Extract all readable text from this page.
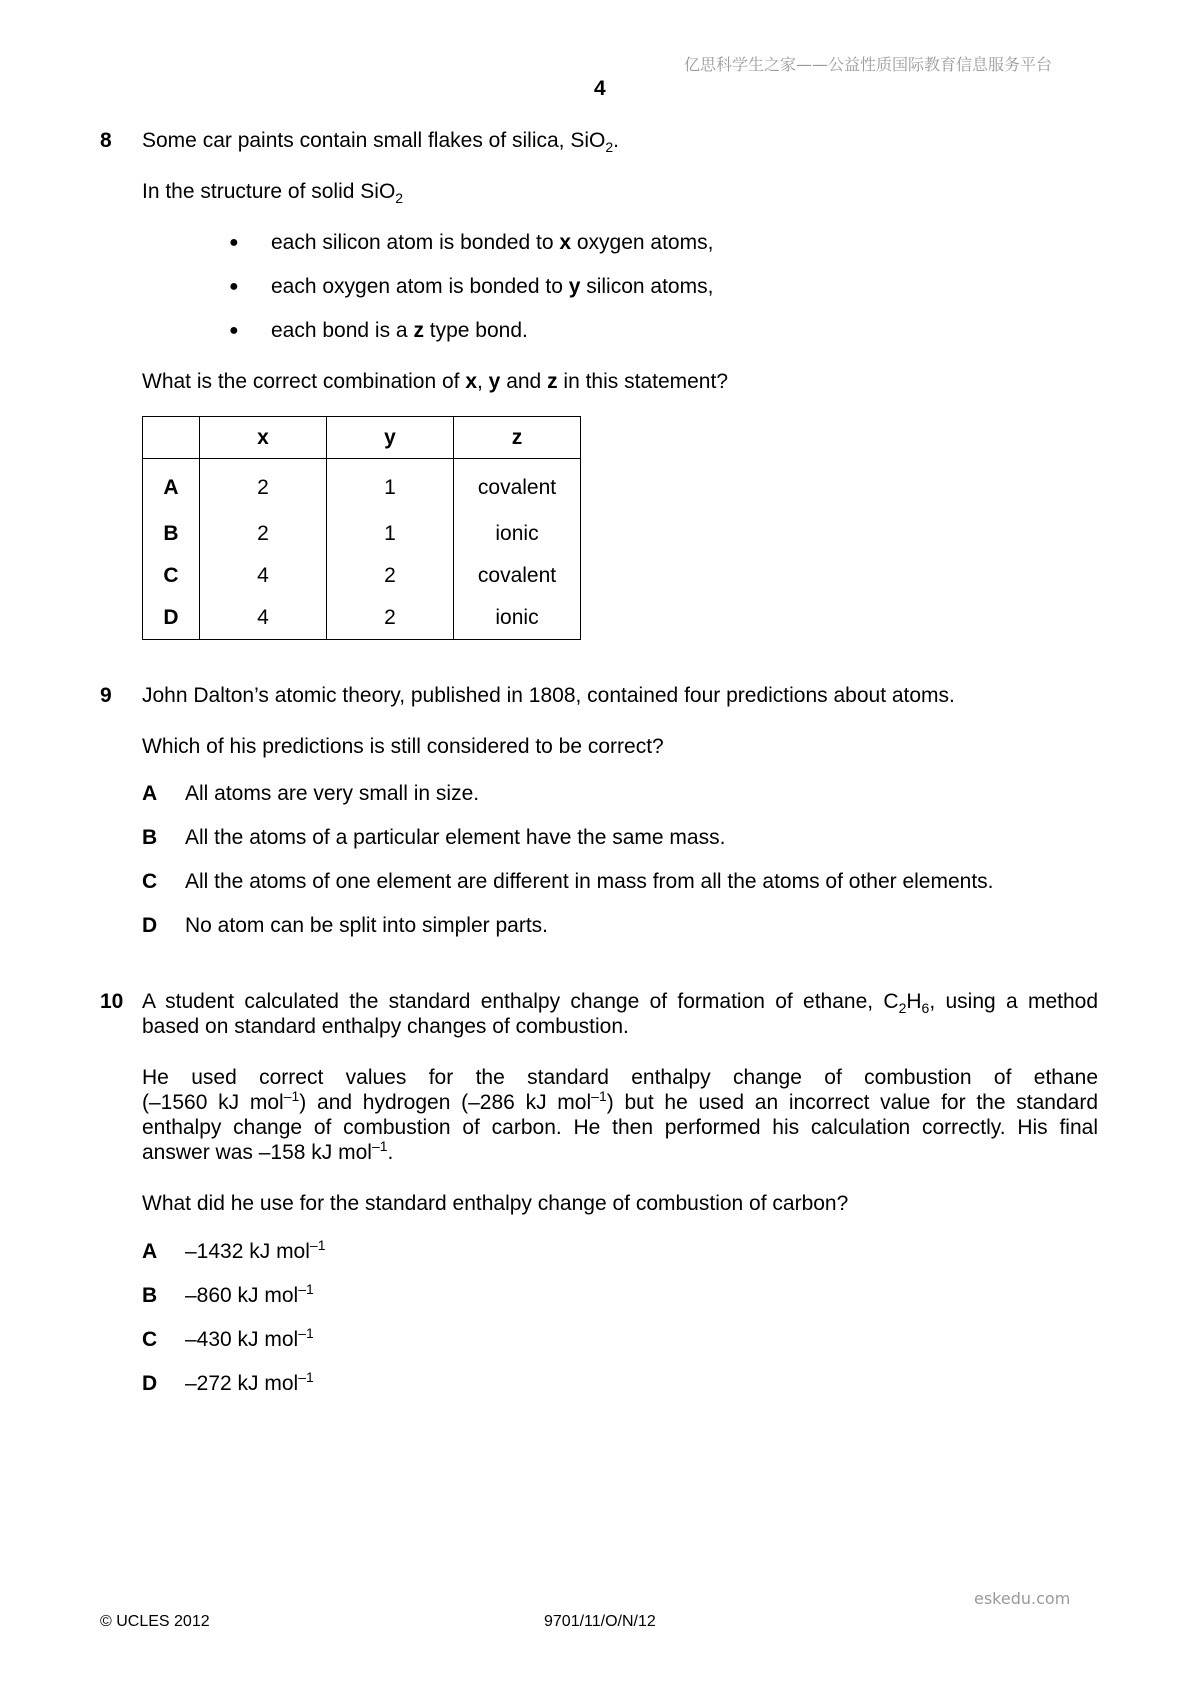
亿思科学生之家——公益性质国际教育信息服务平台
4
8 Some car paints contain small flakes of silica, SiO$_2$.
In the structure of solid SiO$_2$
● each silicon atom is bonded to x oxygen atoms,
● each oxygen atom is bonded to y silicon atoms,
● each bond is a z type bond.
What is the correct combination of x, y and z in this statement?
	x	y	z
A	2	1	covalent
B	2	1	ionic
C	4	2	covalent
D	4	2	ionic
9 John Dalton’s atomic theory, published in 1808, contained four predictions about atoms.
Which of his predictions is still considered to be correct?
A All atoms are very small in size.
B All the atoms of a particular element have the same mass.
C All the atoms of one element are different in mass from all the atoms of other elements.
D No atom can be split into simpler parts.
10 A student calculated the standard enthalpy change of formation of ethane, $C_2H_6$, using a method
based on standard enthalpy changes of combustion.
He used correct values for the standard enthalpy change of combustion of ethane
(–1560 kJ mol$^{-1}$) and hydrogen (–286 kJ mol$^{-1}$) but he used an incorrect value for the standard
enthalpy change of combustion of carbon. He then performed his calculation correctly. His final
answer was –158 kJ mol$^{-1}$.
What did he use for the standard enthalpy change of combustion of carbon?
A –1432 kJ mol$^{-1}$
B –860 kJ mol$^{-1}$
C –430 kJ mol$^{-1}$
D –272 kJ mol$^{-1}$
eskedu.com
© UCLES 2012	9701/11/O/N/12
